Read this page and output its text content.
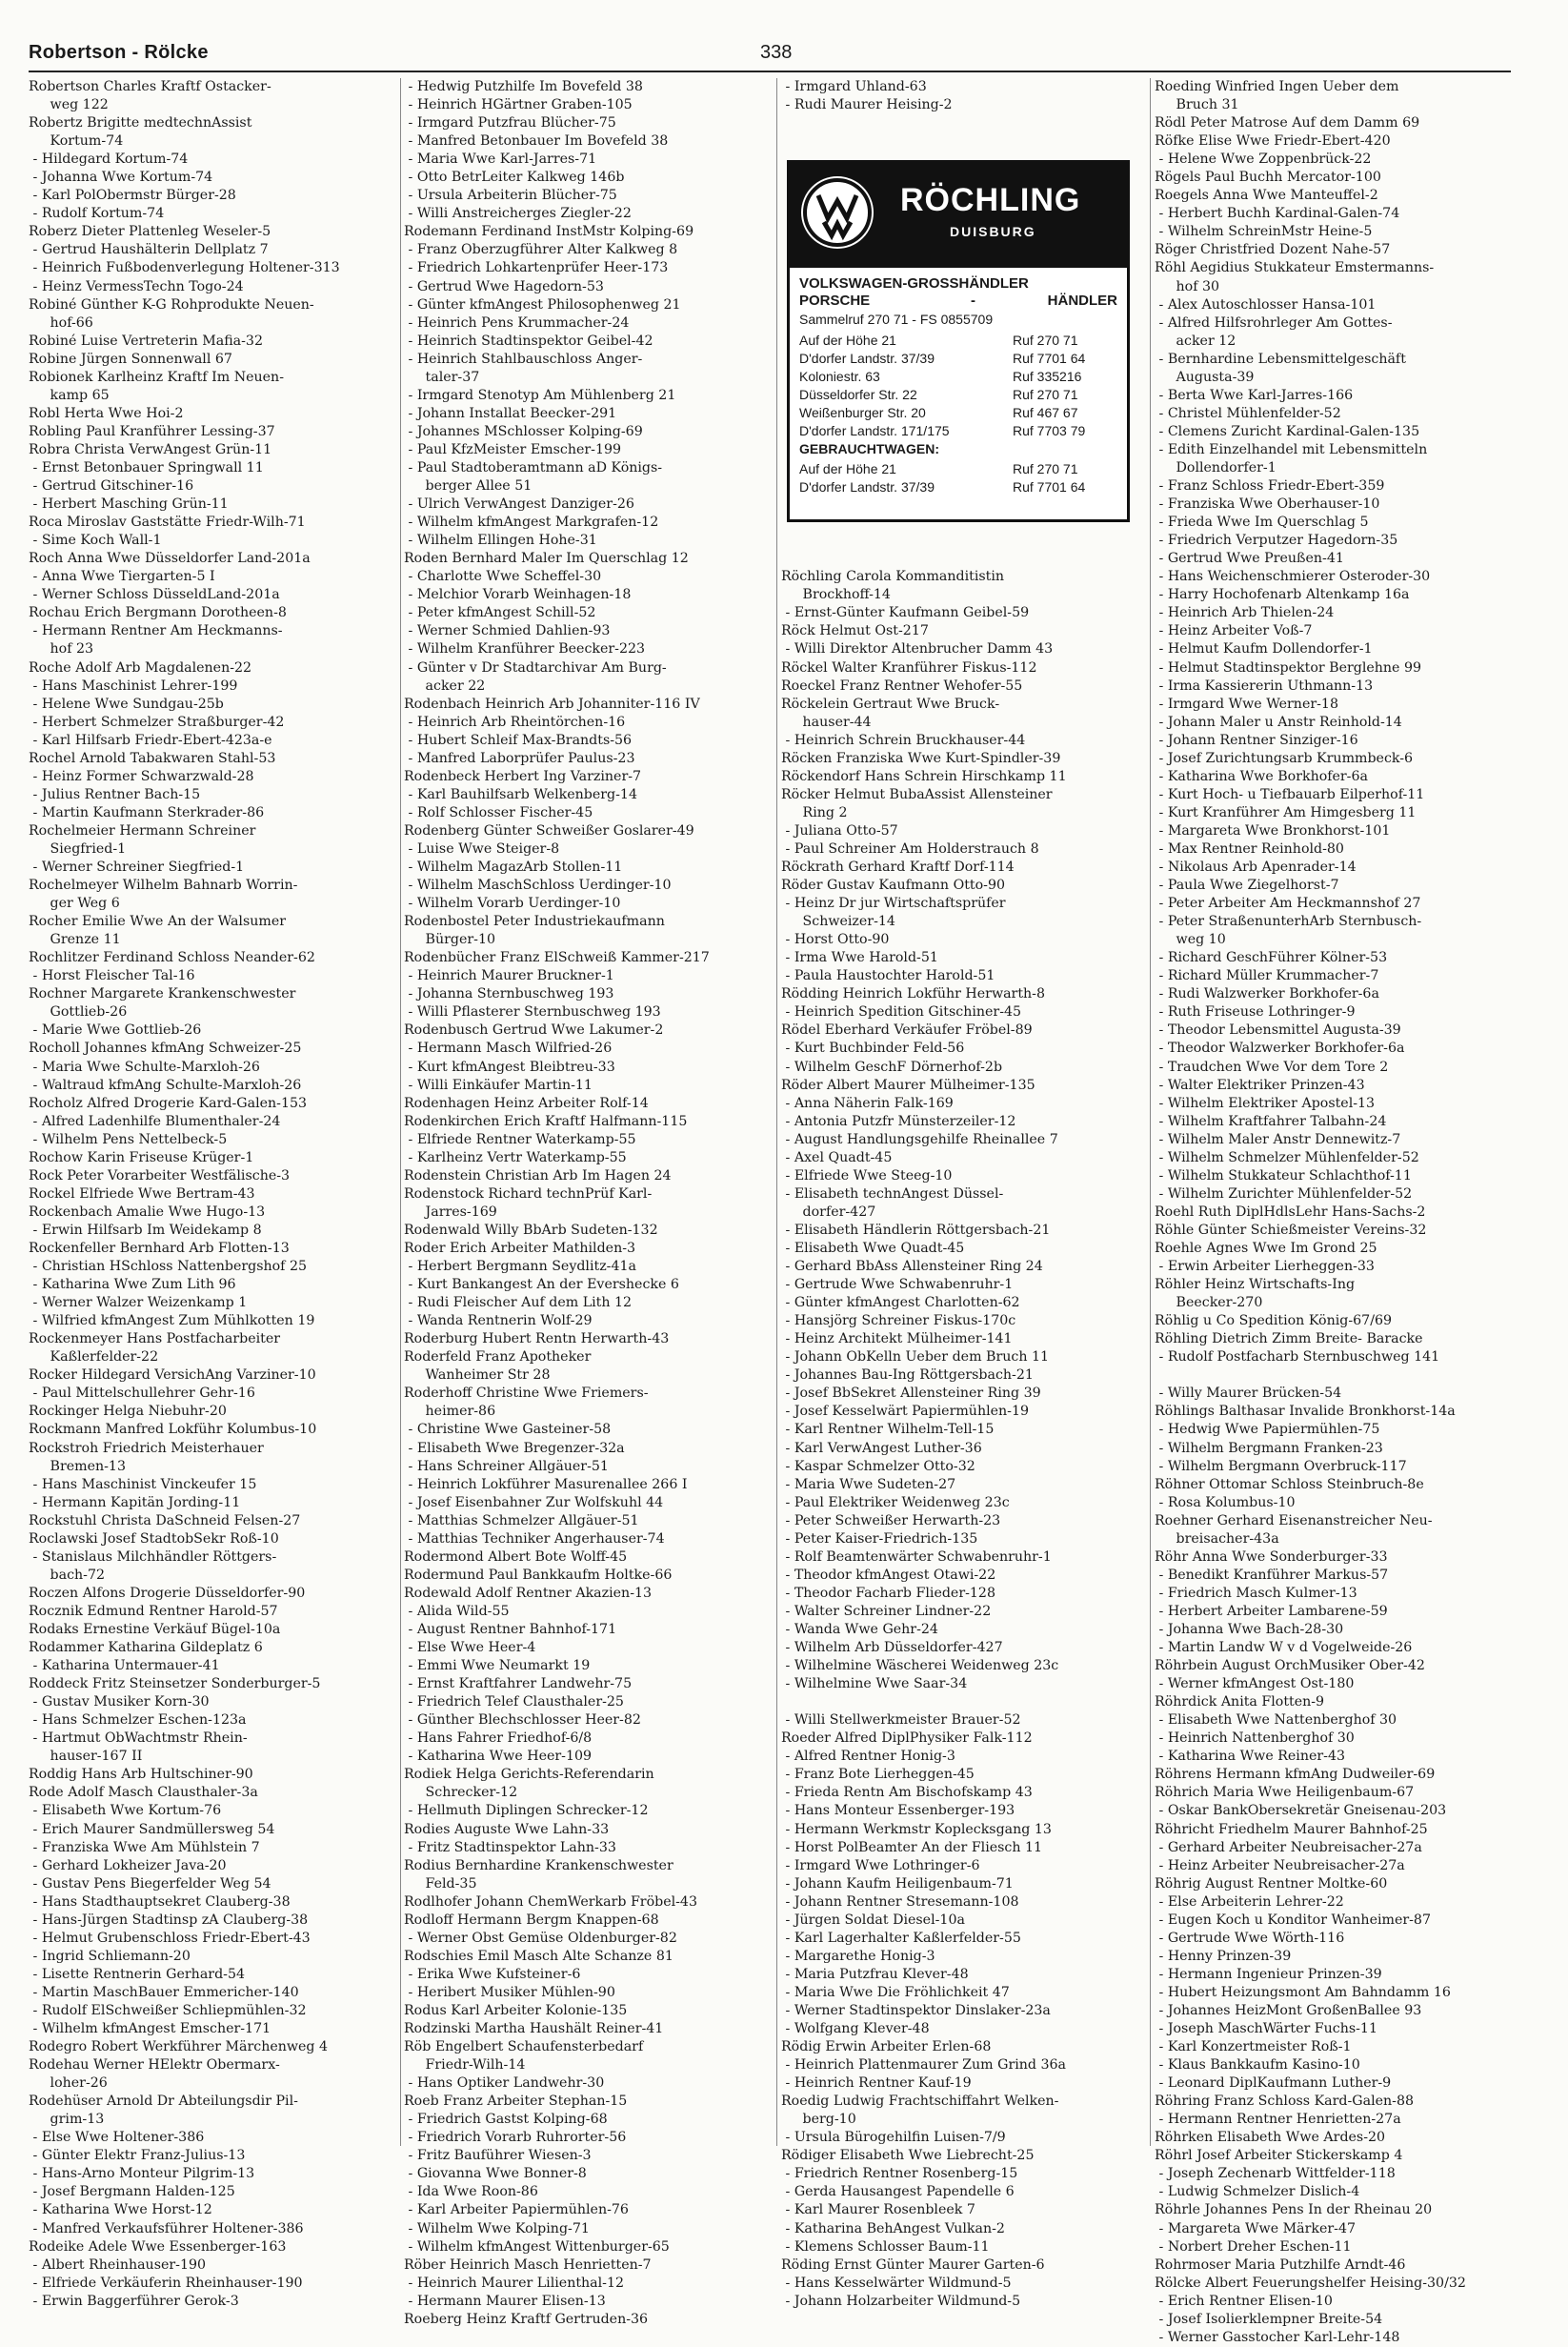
Robertson - Rölcke	338
Robertson Charles Kraftf Ostacker-
weg 122
Robertz Brigitte medtechnAssist
Kortum-74
- Hildegard Kortum-74
- Johanna Wwe Kortum-74
- Karl PolObermstr Bürger-28
- Rudolf Kortum-74
Roberz Dieter Plattenleg Weseler-5
- Gertrud Haushälterin Dellplatz 7
- Heinrich Fußbodenverlegung Holtener-313
- Heinz VermessTechn Togo-24
Robiné Günther K-G Rohprodukte Neuen-
hof-66
Robiné Luise Vertreterin Mafia-32
Robine Jürgen Sonnenwall 67
Robionek Karlheinz Kraftf Im Neuen-
kamp 65
Robl Herta Wwe Hoi-2
Robling Paul Kranführer Lessing-37
Robra Christa VerwAngest Grün-11
- Ernst Betonbauer Springwall 11
- Gertrud Gitschiner-16
- Herbert Masching Grün-11
Roca Miroslav Gaststätte Friedr-Wilh-71
- Sime Koch Wall-1
Roch Anna Wwe Düsseldorfer Land-201a
- Anna Wwe Tiergarten-5 I
- Werner Schloss DüsseldLand-201a
Rochau Erich Bergmann Dorotheen-8
- Hermann Rentner Am Heckmanns-
hof 23
Roche Adolf Arb Magdalenen-22
- Hans Maschinist Lehrer-199
- Helene Wwe Sundgau-25b
- Herbert Schmelzer Straßburger-42
- Karl Hilfsarb Friedr-Ebert-423a-e
Rochel Arnold Tabakwaren Stahl-53
- Heinz Former Schwarzwald-28
- Julius Rentner Bach-15
- Martin Kaufmann Sterkrader-86
Rochelmeier Hermann Schreiner
Siegfried-1
- Werner Schreiner Siegfried-1
Rochelmeyer Wilhelm Bahnarb Worrin-
ger Weg 6
Rocher Emilie Wwe An der Walsumer
Grenze 11
Rochlitzer Ferdinand Schloss Neander-62
- Horst Fleischer Tal-16
Rochner Margarete Krankenschwester
Gottlieb-26
- Marie Wwe Gottlieb-26
Rocholl Johannes kfmAng Schweizer-25
- Maria Wwe Schulte-Marxloh-26
- Waltraud kfmAng Schulte-Marxloh-26
Rocholz Alfred Drogerie Kard-Galen-153
- Alfred Ladenhilfe Blumenthaler-24
- Wilhelm Pens Nettelbeck-5
Rochow Karin Friseuse Krüger-1
Rock Peter Vorarbeiter Westfälische-3
Rockel Elfriede Wwe Bertram-43
Rockenbach Amalie Wwe Hugo-13
- Erwin Hilfsarb Im Weidekamp 8
Rockenfeller Bernhard Arb Flotten-13
- Christian HSchloss Nattenbergshof 25
- Katharina Wwe Zum Lith 96
- Werner Walzer Weizenkamp 1
- Wilfried kfmAngest Zum Mühlkotten 19
Rockenmeyer Hans Postfacharbeiter
Kaßlerfelder-22
Rocker Hildegard VersichAng Varziner-10
- Paul Mittelschullehrer Gehr-16
Rockinger Helga Niebuhr-20
Rockmann Manfred Lokführ Kolumbus-10
Rockstroh Friedrich Meisterhauer
Bremen-13
- Hans Maschinist Vinckeufer 15
- Hermann Kapitän Jording-11
Rockstuhl Christa DaSchneid Felsen-27
Roclawski Josef StadtobSekr Roß-10
- Stanislaus Milchhändler Röttgers-
bach-72
Roczen Alfons Drogerie Düsseldorfer-90
Rocznik Edmund Rentner Harold-57
Rodaks Ernestine Verkäuf Bügel-10a
Rodammer Katharina Gildeplatz 6
- Katharina Untermauer-41
Roddeck Fritz Steinsetzer Sonderburger-5
- Gustav Musiker Korn-30
- Hans Schmelzer Eschen-123a
- Hartmut ObWachtmstr Rhein-
hauser-167 II
Roddig Hans Arb Hultschiner-90
Rode Adolf Masch Clausthaler-3a
- Elisabeth Wwe Kortum-76
- Erich Maurer Sandmüllersweg 54
- Franziska Wwe Am Mühlstein 7
- Gerhard Lokheizer Java-20
- Gustav Pens Biegerfelder Weg 54
- Hans Stadthauptsekret Clauberg-38
- Hans-Jürgen Stadtinsp zA Clauberg-38
- Helmut Grubenschloss Friedr-Ebert-43
- Ingrid Schliemann-20
- Lisette Rentnerin Gerhard-54
- Martin MaschBauer Emmericher-140
- Rudolf ElSchweißer Schliepmühlen-32
- Wilhelm kfmAngest Emscher-171
Rodegro Robert Werkführer Märchenweg 4
Rodehau Werner HElektr Obermarx-
loher-26
Rodehüser Arnold Dr Abteilungsdir Pil-
grim-13
- Else Wwe Holtener-386
- Günter Elektr Franz-Julius-13
- Hans-Arno Monteur Pilgrim-13
- Josef Bergmann Halden-125
- Katharina Wwe Horst-12
- Manfred Verkaufsführer Holtener-386
Rodeike Adele Wwe Essenberger-163
- Albert Rheinhauser-190
- Elfriede Verkäuferin Rheinhauser-190
- Erwin Baggerführer Gerok-3
- Hedwig Putzhilfe Im Bovefeld 38
- Heinrich HGärtner Graben-105
- Irmgard Putzfrau Blücher-75
- Manfred Betonbauer Im Bovefeld 38
- Maria Wwe Karl-Jarres-71
- Otto BetrLeiter Kalkweg 146b
- Ursula Arbeiterin Blücher-75
- Willi Anstreicherges Ziegler-22
Rodemann Ferdinand InstMstr Kolping-69
- Franz Oberzugführer Alter Kalkweg 8
- Friedrich Lohkartenprüfer Heer-173
- Gertrud Wwe Hagedorn-53
- Günter kfmAngest Philosophenweg 21
- Heinrich Pens Krummacher-24
- Heinrich Stadtinspektor Geibel-42
- Heinrich Stahlbauschloss Anger-
taler-37
- Irmgard Stenotyp Am Mühlenberg 21
- Johann Installat Beecker-291
- Johannes MSchlosser Kolping-69
- Paul KfzMeister Emscher-199
- Paul Stadtoberamtmann aD Königs-
berger Allee 51
- Ulrich VerwAngest Danziger-26
- Wilhelm kfmAngest Markgrafen-12
- Wilhelm Ellingen Hohe-31
Roden Bernhard Maler Im Querschlag 12
- Charlotte Wwe Scheffel-30
- Melchior Vorarb Weinhagen-18
- Peter kfmAngest Schill-52
- Werner Schmied Dahlien-93
- Wilhelm Kranführer Beecker-223
- Günter v Dr Stadtarchivar Am Burg-
acker 22
Rodenbach Heinrich Arb Johanniter-116 IV
- Heinrich Arb Rheintörchen-16
- Hubert Schleif Max-Brandts-56
- Manfred Laborprüfer Paulus-23
Rodenbeck Herbert Ing Varziner-7
- Karl Bauhilfsarb Welkenberg-14
- Rolf Schlosser Fischer-45
Rodenberg Günter Schweißer Goslarer-49
- Luise Wwe Steiger-8
- Wilhelm MagazArb Stollen-11
- Wilhelm MaschSchloss Uerdinger-10
- Wilhelm Vorarb Uerdinger-10
Rodenbostel Peter Industriekaufmann
Bürger-10
Rodenbücher Franz ElSchweiß Kammer-217
- Heinrich Maurer Bruckner-1
- Johanna Sternbuschweg 193
- Willi Pflasterer Sternbuschweg 193
Rodenbusch Gertrud Wwe Lakumer-2
- Hermann Masch Wilfried-26
- Kurt kfmAngest Bleibtreu-33
- Willi Einkäufer Martin-11
Rodenhagen Heinz Arbeiter Rolf-14
Rodenkirchen Erich Kraftf Halfmann-115
- Elfriede Rentner Waterkamp-55
- Karlheinz Vertr Waterkamp-55
Rodenstein Christian Arb Im Hagen 24
Rodenstock Richard technPrüf Karl-
Jarres-169
Rodenwald Willy BbArb Sudeten-132
Roder Erich Arbeiter Mathilden-3
- Herbert Bergmann Seydlitz-41a
- Kurt Bankangest An der Evershecke 6
- Rudi Fleischer Auf dem Lith 12
- Wanda Rentnerin Wolf-29
Roderburg Hubert Rentn Herwarth-43
Roderfeld Franz Apotheker
Wanheimer Str 28
Roderhoff Christine Wwe Friemers-
heimer-86
- Christine Wwe Gasteiner-58
- Elisabeth Wwe Bregenzer-32a
- Hans Schreiner Allgäuer-51
- Heinrich Lokführer Masurenallee 266 I
- Josef Eisenbahner Zur Wolfskuhl 44
- Matthias Schmelzer Allgäuer-51
- Matthias Techniker Angerhauser-74
Rodermond Albert Bote Wolff-45
Rodermund Paul Bankkaufm Holtke-66
Rodewald Adolf Rentner Akazien-13
- Alida Wild-55
- August Rentner Bahnhof-171
- Else Wwe Heer-4
- Emmi Wwe Neumarkt 19
- Ernst Kraftfahrer Landwehr-75
- Friedrich Telef Clausthaler-25
- Günther Blechschlosser Heer-82
- Hans Fahrer Friedhof-6/8
- Katharina Wwe Heer-109
Rodiek Helga Gerichts-Referendarin
Schrecker-12
- Hellmuth Diplingen Schrecker-12
Rodies Auguste Wwe Lahn-33
- Fritz Stadtinspektor Lahn-33
Rodius Bernhardine Krankenschwester
Feld-35
Rodlhofer Johann ChemWerkarb Fröbel-43
Rodloff Hermann Bergm Knappen-68
- Werner Obst Gemüse Oldenburger-82
Rodschies Emil Masch Alte Schanze 81
- Erika Wwe Kufsteiner-6
- Heribert Musiker Mühlen-90
Rodus Karl Arbeiter Kolonie-135
Rodzinski Martha Haushält Reiner-41
Röb Engelbert Schaufensterbedarf
Friedr-Wilh-14
- Hans Optiker Landwehr-30
Roeb Franz Arbeiter Stephan-15
- Friedrich Gastst Kolping-68
- Friedrich Vorarb Ruhrorter-56
- Fritz Bauführer Wiesen-3
- Giovanna Wwe Bonner-8
- Ida Wwe Roon-86
- Karl Arbeiter Papiermühlen-76
- Wilhelm Wwe Kolping-71
- Wilhelm kfmAngest Wittenburger-65
Röber Heinrich Masch Henrietten-7
- Heinrich Maurer Lilienthal-12
- Hermann Maurer Elisen-13
Roeberg Heinz Kraftf Gertruden-36
- Irmgard Uhland-63
- Rudi Maurer Heising-2
Röchling Carola Kommanditistin
Brockhoff-14
- Ernst-Günter Kaufmann Geibel-59
Röck Helmut Ost-217
- Willi Direktor Altenbrucher Damm 43
Röckel Walter Kranführer Fiskus-112
Roeckel Franz Rentner Wehofer-55
Röckelein Gertraut Wwe Bruck-
hauser-44
- Heinrich Schrein Bruckhauser-44
Röcken Franziska Wwe Kurt-Spindler-39
Röckendorf Hans Schrein Hirschkamp 11
Röcker Helmut BubaAssist Allensteiner
Ring 2
- Juliana Otto-57
- Paul Schreiner Am Holderstrauch 8
Röckrath Gerhard Kraftf Dorf-114
Röder Gustav Kaufmann Otto-90
- Heinz Dr jur Wirtschaftsprüfer
Schweizer-14
- Horst Otto-90
- Irma Wwe Harold-51
- Paula Haustochter Harold-51
Rödding Heinrich Lokführ Herwarth-8
- Heinrich Spedition Gitschiner-45
Rödel Eberhard Verkäufer Fröbel-89
- Kurt Buchbinder Feld-56
- Wilhelm GeschF Dörnerhof-2b
Röder Albert Maurer Mülheimer-135
- Anna Näherin Falk-169
- Antonia Putzfr Münsterzeiler-12
- August Handlungsgehilfe Rheinallee 7
- Axel Quadt-45
- Elfriede Wwe Steeg-10
- Elisabeth technAngest Düssel-
dorfer-427
- Elisabeth Händlerin Röttgersbach-21
- Elisabeth Wwe Quadt-45
- Gerhard BbAss Allensteiner Ring 24
- Gertrude Wwe Schwabenruhr-1
- Günter kfmAngest Charlotten-62
- Hansjörg Schreiner Fiskus-170c
- Heinz Architekt Mülheimer-141
- Johann ObKelln Ueber dem Bruch 11
- Johannes Bau-Ing Röttgersbach-21
- Josef BbSekret Allensteiner Ring 39
- Josef Kesselwärt Papiermühlen-19
- Karl Rentner Wilhelm-Tell-15
- Karl VerwAngest Luther-36
- Kaspar Schmelzer Otto-32
- Maria Wwe Sudeten-27
- Paul Elektriker Weidenweg 23c
- Peter Schweißer Herwarth-23
- Peter Kaiser-Friedrich-135
- Rolf Beamtenwärter Schwabenruhr-1
- Theodor kfmAngest Otawi-22
- Theodor Facharb Flieder-128
- Walter Schreiner Lindner-22
- Wanda Wwe Gehr-24
- Wilhelm Arb Düsseldorfer-427
- Wilhelmine Wäscherei Weidenweg 23c
- Wilhelmine Wwe Saar-34
- Willi Stellwerkmeister Brauer-52
Roeder Alfred DiplPhysiker Falk-112
- Alfred Rentner Honig-3
- Franz Bote Lierheggen-45
- Frieda Rentn Am Bischofskamp 43
- Hans Monteur Essenberger-193
- Hermann Werkmstr Koplecksgang 13
- Horst PolBeamter An der Fliesch 11
- Irmgard Wwe Lothringer-6
- Johann Kaufm Heiligenbaum-71
- Johann Rentner Stresemann-108
- Jürgen Soldat Diesel-10a
- Karl Lagerhalter Kaßlerfelder-55
- Margarethe Honig-3
- Maria Putzfrau Klever-48
- Maria Wwe Die Fröhlichkeit 47
- Werner Stadtinspektor Dinslaker-23a
- Wolfgang Klever-48
Rödig Erwin Arbeiter Erlen-68
- Heinrich Plattenmaurer Zum Grind 36a
- Heinrich Rentner Kauf-19
Roedig Ludwig Frachtschiffahrt Welken-
berg-10
- Ursula Bürogehilfin Luisen-7/9
Rödiger Elisabeth Wwe Liebrecht-25
- Friedrich Rentner Rosenberg-15
- Gerda Hausangest Papendelle 6
- Karl Maurer Rosenbleek 7
- Katharina BehAngest Vulkan-2
- Klemens Schlosser Baum-11
Röding Ernst Günter Maurer Garten-6
- Hans Kesselwärter Wildmund-5
- Johann Holzarbeiter Wildmund-5
Roeding Winfried Ingen Ueber dem
Bruch 31
Rödl Peter Matrose Auf dem Damm 69
Röfke Elise Wwe Friedr-Ebert-420
- Helene Wwe Zoppenbrück-22
Rögels Paul Buchh Mercator-100
Roegels Anna Wwe Manteuffel-2
- Herbert Buchh Kardinal-Galen-74
- Wilhelm SchreinMstr Heine-5
Röger Christfried Dozent Nahe-57
Röhl Aegidius Stukkateur Emstermanns-
hof 30
- Alex Autoschlosser Hansa-101
- Alfred Hilfsrohrleger Am Gottes-
acker 12
- Bernhardine Lebensmittelgeschäft
Augusta-39
- Berta Wwe Karl-Jarres-166
- Christel Mühlenfelder-52
- Clemens Zuricht Kardinal-Galen-135
- Edith Einzelhandel mit Lebensmitteln
Dollendorfer-1
- Franz Schloss Friedr-Ebert-359
- Franziska Wwe Oberhauser-10
- Frieda Wwe Im Querschlag 5
- Friedrich Verputzer Hagedorn-35
- Gertrud Wwe Preußen-41
- Hans Weichenschmierer Osteroder-30
- Harry Hochofenarb Altenkamp 16a
- Heinrich Arb Thielen-24
- Heinz Arbeiter Voß-7
- Helmut Kaufm Dollendorfer-1
- Helmut Stadtinspektor Berglehne 99
- Irma Kassiererin Uthmann-13
- Irmgard Wwe Werner-18
- Johann Maler u Anstr Reinhold-14
- Johann Rentner Sinziger-16
- Josef Zurichtungsarb Krummbeck-6
- Katharina Wwe Borkhofer-6a
- Kurt Hoch- u Tiefbauarb Eilperhof-11
- Kurt Kranführer Am Himgesberg 11
- Margareta Wwe Bronkhorst-101
- Max Rentner Reinhold-80
- Nikolaus Arb Apenrader-14
- Paula Wwe Ziegelhorst-7
- Peter Arbeiter Am Heckmannshof 27
- Peter StraßenunterhArb Sternbusch-
weg 10
- Richard GeschFührer Kölner-53
- Richard Müller Krummacher-7
- Rudi Walzwerker Borkhofer-6a
- Ruth Friseuse Lothringer-9
- Theodor Lebensmittel Augusta-39
- Theodor Walzwerker Borkhofer-6a
- Traudchen Wwe Vor dem Tore 2
- Walter Elektriker Prinzen-43
- Wilhelm Elektriker Apostel-13
- Wilhelm Kraftfahrer Talbahn-24
- Wilhelm Maler Anstr Dennewitz-7
- Wilhelm Schmelzer Mühlenfelder-52
- Wilhelm Stukkateur Schlachthof-11
- Wilhelm Zurichter Mühlenfelder-52
Roehl Ruth DiplHdlsLehr Hans-Sachs-2
Röhle Günter Schießmeister Vereins-32
Roehle Agnes Wwe Im Grond 25
- Erwin Arbeiter Lierheggen-33
Röhler Heinz Wirtschafts-Ing
Beecker-270
Röhlig u Co Spedition König-67/69
Röhling Dietrich Zimm Breite- Baracke
- Rudolf Postfacharb Sternbuschweg 141
- Willy Maurer Brücken-54
Röhlings Balthasar Invalide Bronkhorst-14a
- Hedwig Wwe Papiermühlen-75
- Wilhelm Bergmann Franken-23
- Wilhelm Bergmann Overbruck-117
Röhner Ottomar Schloss Steinbruch-8e
- Rosa Kolumbus-10
Roehner Gerhard Eisenanstreicher Neu-
breisacher-43a
Röhr Anna Wwe Sonderburger-33
- Benedikt Kranführer Markus-57
- Friedrich Masch Kulmer-13
- Herbert Arbeiter Lambarene-59
- Johanna Wwe Bach-28-30
- Martin Landw W v d Vogelweide-26
Röhrbein August OrchMusiker Ober-42
- Werner kfmAngest Ost-180
Röhrdick Anita Flotten-9
- Elisabeth Wwe Nattenberghof 30
- Heinrich Nattenberghof 30
- Katharina Wwe Reiner-43
Röhrens Hermann kfmAng Dudweiler-69
Röhrich Maria Wwe Heiligenbaum-67
- Oskar BankObersekretär Gneisenau-203
Röhricht Friedhelm Maurer Bahnhof-25
- Gerhard Arbeiter Neubreisacher-27a
- Heinz Arbeiter Neubreisacher-27a
Röhrig August Rentner Moltke-60
- Else Arbeiterin Lehrer-22
- Eugen Koch u Konditor Wanheimer-87
- Gertrude Wwe Wörth-116
- Henny Prinzen-39
- Hermann Ingenieur Prinzen-39
- Hubert Heizungsmont Am Bahndamm 16
- Johannes HeizMont GroßenBallee 93
- Joseph MaschWärter Fuchs-11
- Karl Konzertmeister Roß-1
- Klaus Bankkaufm Kasino-10
- Leonard DiplKaufmann Luther-9
Röhring Franz Schloss Kard-Galen-88
- Hermann Rentner Henrietten-27a
Röhrken Elisabeth Wwe Ardes-20
Röhrl Josef Arbeiter Stickerskamp 4
- Joseph Zechenarb Wittfelder-118
- Ludwig Schmelzer Dislich-4
Röhrle Johannes Pens In der Rheinau 20
- Margareta Wwe Märker-47
- Norbert Dreher Eschen-11
Rohrmoser Maria Putzhilfe Arndt-46
Rölcke Albert Feuerungshelfer Heising-30/32
- Erich Rentner Elisen-10
- Josef Isolierklempner Breite-54
- Werner Gasstocher Karl-Lehr-148
RÖCHLING
DUISBURG
VOLKSWAGEN-GROSSHÄNDLER
PORSCHE	-	HÄNDLER
Sammelruf 270 71 - FS 0855709
Auf der Höhe 21	Ruf 270 71
D'dorfer Landstr. 37/39	Ruf 7701 64
Koloniestr. 63	Ruf 335216
Düsseldorfer Str. 22	Ruf 270 71
Weißenburger Str. 20	Ruf 467 67
D'dorfer Landstr. 171/175	Ruf 7703 79
GEBRAUCHTWAGEN:
Auf der Höhe 21	Ruf 270 71
D'dorfer Landstr. 37/39	Ruf 7701 64
